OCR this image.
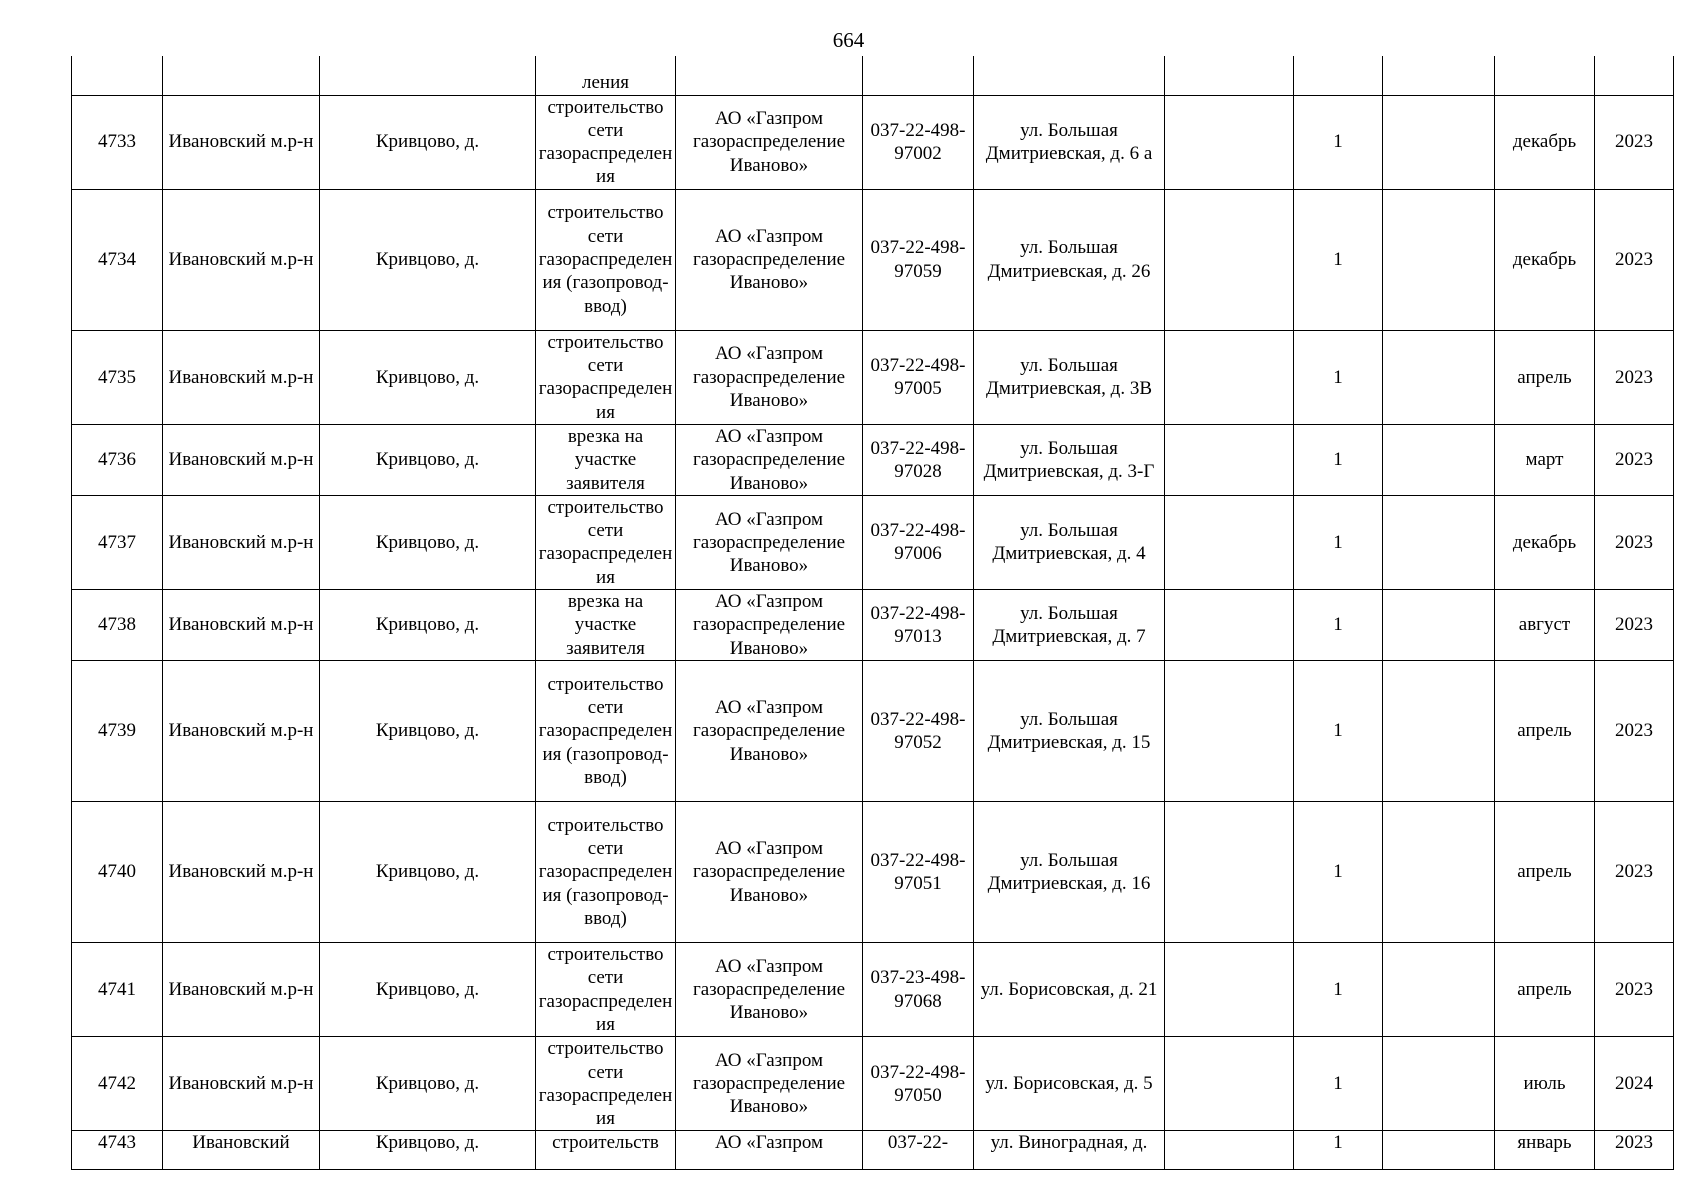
664
			ления								
4733	Ивановский м.р-н	Кривцово, д.	строительство сети газораспределения	АО «Газпром газораспределение Иваново»	037-22-498-97002	ул. Большая Дмитриевская, д. 6 а		1		декабрь	2023
4734	Ивановский м.р-н	Кривцово, д.	строительство сети газораспределения (газопровод-ввод)	АО «Газпром газораспределение Иваново»	037-22-498-97059	ул. Большая Дмитриевская, д. 26		1		декабрь	2023
4735	Ивановский м.р-н	Кривцово, д.	строительство сети газораспределения	АО «Газпром газораспределение Иваново»	037-22-498-97005	ул. Большая Дмитриевская, д. 3В		1		апрель	2023
4736	Ивановский м.р-н	Кривцово, д.	врезка на участке заявителя	АО «Газпром газораспределение Иваново»	037-22-498-97028	ул. Большая Дмитриевская, д. 3-Г		1		март	2023
4737	Ивановский м.р-н	Кривцово, д.	строительство сети газораспределения	АО «Газпром газораспределение Иваново»	037-22-498-97006	ул. Большая Дмитриевская, д. 4		1		декабрь	2023
4738	Ивановский м.р-н	Кривцово, д.	врезка на участке заявителя	АО «Газпром газораспределение Иваново»	037-22-498-97013	ул. Большая Дмитриевская, д. 7		1		август	2023
4739	Ивановский м.р-н	Кривцово, д.	строительство сети газораспределения (газопровод-ввод)	АО «Газпром газораспределение Иваново»	037-22-498-97052	ул. Большая Дмитриевская, д. 15		1		апрель	2023
4740	Ивановский м.р-н	Кривцово, д.	строительство сети газораспределения (газопровод-ввод)	АО «Газпром газораспределение Иваново»	037-22-498-97051	ул. Большая Дмитриевская, д. 16		1		апрель	2023
4741	Ивановский м.р-н	Кривцово, д.	строительство сети газораспределения	АО «Газпром газораспределение Иваново»	037-23-498-97068	ул. Борисовская, д. 21		1		апрель	2023
4742	Ивановский м.р-н	Кривцово, д.	строительство сети газораспределения	АО «Газпром газораспределение Иваново»	037-22-498-97050	ул. Борисовская, д. 5		1		июль	2024
4743	Ивановский	Кривцово, д.	строительств	АО «Газпром	037-22-	ул. Виноградная, д.		1		январь	2023
